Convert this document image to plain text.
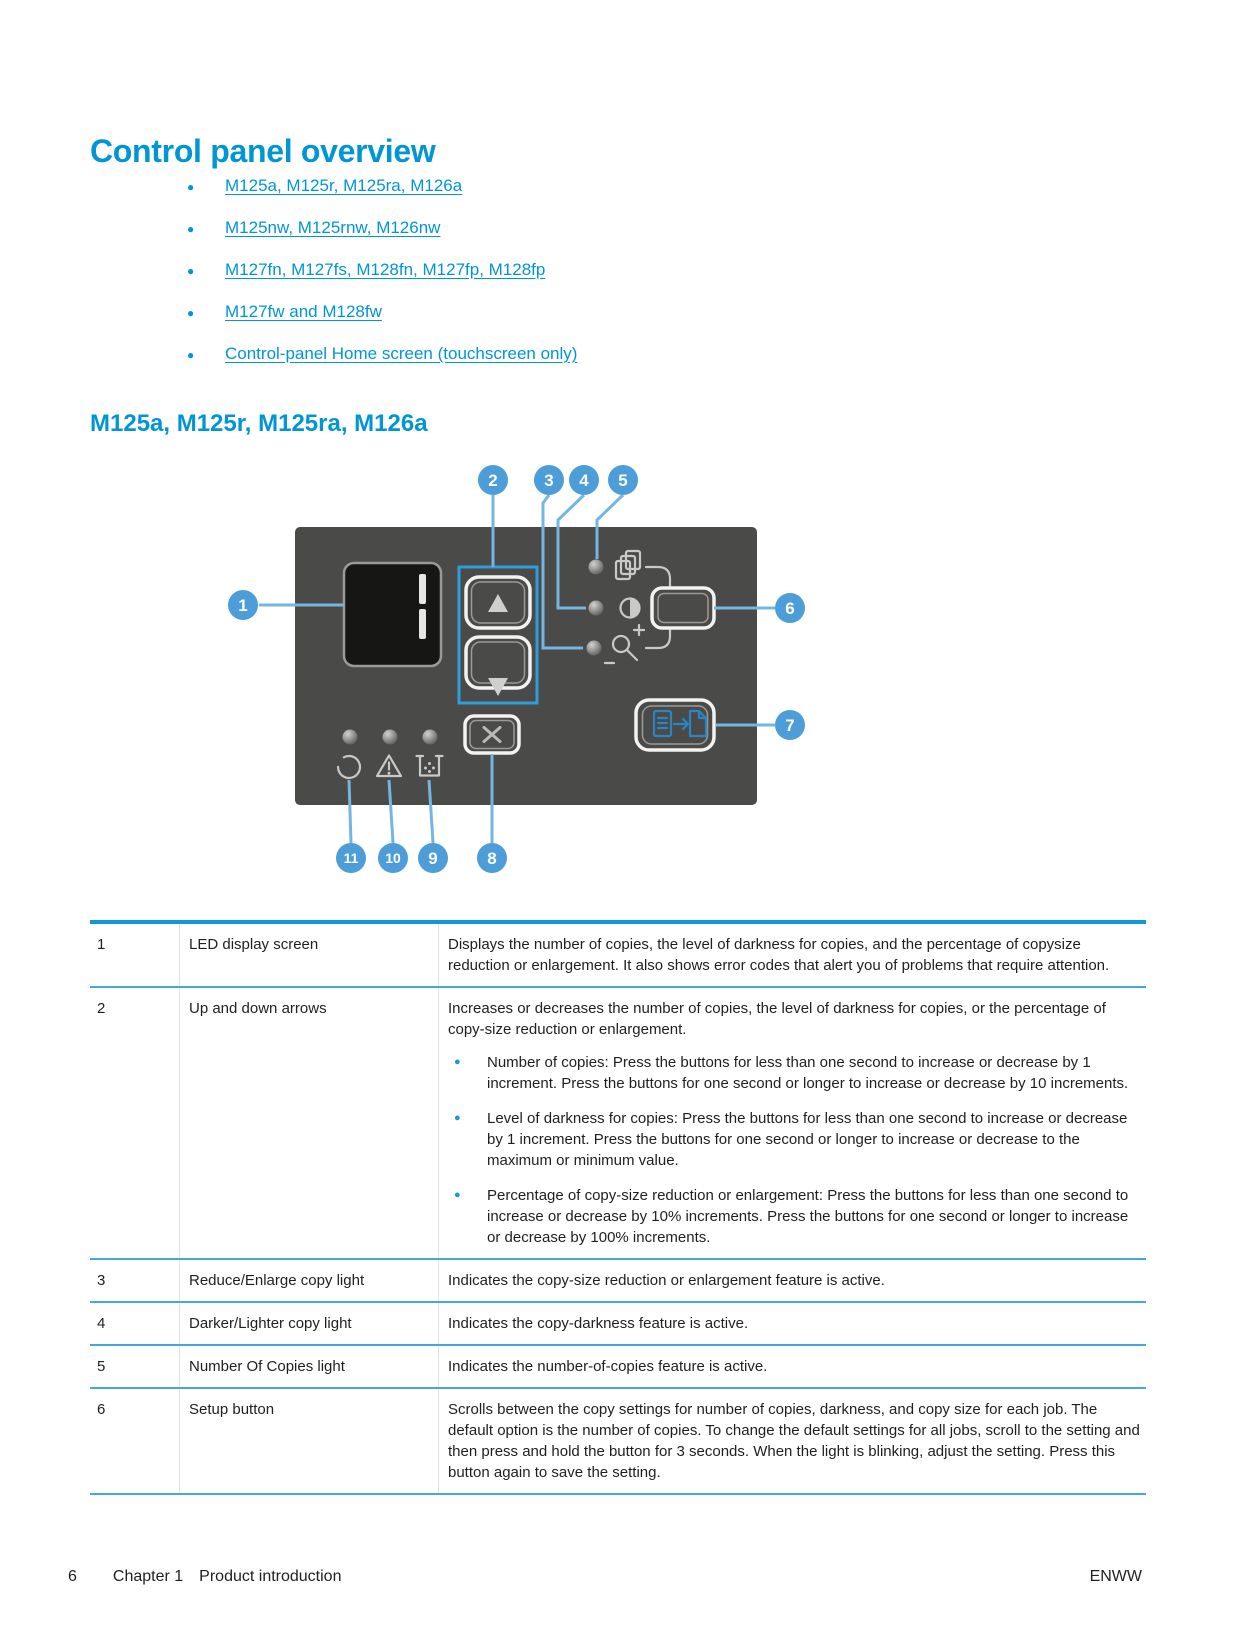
Control panel overview
●	M125a, M125r, M125ra, M126a
●	M125nw, M125rnw, M126nw
●	M127fn, M127fs, M128fn, M127fp, M128fp
●	M127fw and M128fw
●	Control-panel Home screen (touchscreen only)
M125a, M125r, M125ra, M126a
1
2	3 4 5
6
7
8
9
10
11
1	LED display screen	Displays the number of copies, the level of darkness for copies, and the percentage of copysize reduction or enlargement. It also shows error codes that alert you of problems that require attention.

2	Up and down arrows	Increases or decreases the number of copies, the level of darkness for copies, or the percentage of copy-size reduction or enlargement.

● Number of copies: Press the buttons for less than one second to increase or decrease by 1 increment. Press the buttons for one second or longer to increase or decrease by 10 increments.
● Level of darkness for copies: Press the buttons for less than one second to increase or decrease by 1 increment. Press the buttons for one second or longer to increase or decrease to the maximum or minimum value.
● Percentage of copy-size reduction or enlargement: Press the buttons for less than one second to increase or decrease by 10% increments. Press the buttons for one second or longer to increase or decrease by 100% increments.
3	Reduce/Enlarge copy light	Indicates the copy-size reduction or enlargement feature is active.

4	Darker/Lighter copy light	Indicates the copy-darkness feature is active.

5	Number Of Copies light	Indicates the number-of-copies feature is active.

6	Setup button	Scrolls between the copy settings for number of copies, darkness, and copy size for each job. The default option is the number of copies. To change the default settings for all jobs, scroll to the setting and then press and hold the button for 3 seconds. When the light is blinking, adjust the setting. Press this button again to save the setting.

6 Chapter 1 Product introduction	ENWW
